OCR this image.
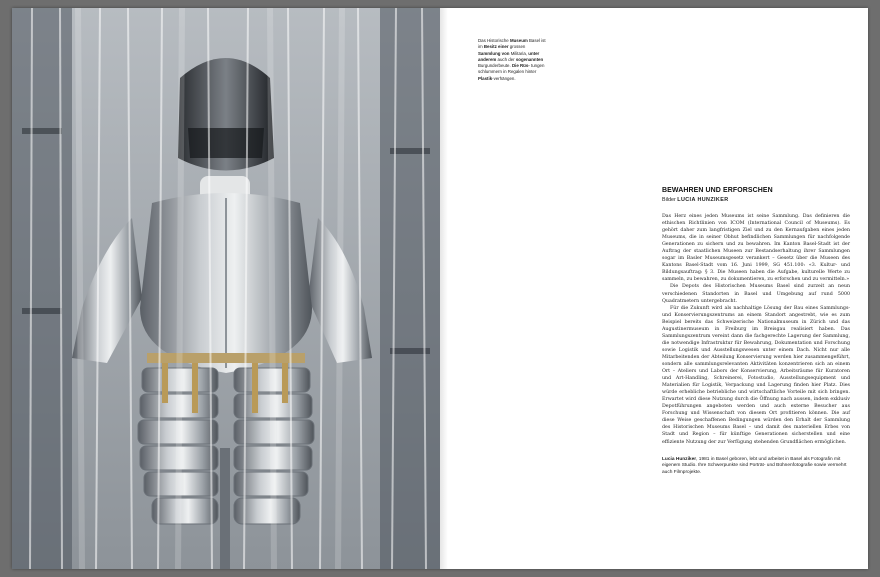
Das Historische Museum Basel ist im Besitz einer grossen Sammlung von Militaria, unter anderem auch der sogenannten Burgunderbeute. Die Rüs- tungen schlummern in Regalen hinter Plastik-verhängen.
BEWAHREN UND ERFORSCHEN
Bilder LUCIA HUNZIKER

Das Herz eines jeden Museums ist seine Sammlung. Das definieren die ethischen Richtlinien von ICOM (International Council of Museums). Es gehört daher zum langfristigen Ziel und zu den Kernaufgaben eines jeden Museums, die in seiner Obhut befindlichen Sammlungen für nachfolgende Generationen zu sichern und zu bewahren. Im Kanton Basel-Stadt ist der Auftrag der staatlichen Museen zur Bestandserhaltung ihrer Sammlungen sogar im Basler Museumsgesetz verankert – Gesetz über die Museen des Kantons Basel-Stadt vom 16. Juni 1999, SG 451.100: «3. Kultur- und Bildungsauftrag: § 3. Die Museen haben die Aufgabe, kulturelle Werte zu sammeln, zu bewahren, zu dokumentieren, zu erforschen und zu vermitteln.»

Die Depots des Historischen Museums Basel sind zurzeit an neun verschiedenen Standorten in Basel und Umgebung auf rund 5000 Quadratmetern untergebracht.

Für die Zukunft wird als nachhaltige Lösung der Bau eines Sammlungs- und Konservierungszentrums an einem Standort angestrebt, wie es zum Beispiel bereits das Schweizerische Nationalmuseum in Zürich und das Augustinermuseum in Freiburg im Breisgau realisiert haben. Das Sammlungszentrum vereint dann die fachgerechte Lagerung der Sammlung, die notwendige Infrastruktur für Bewahrung, Dokumentation und Forschung sowie Logistik und Ausstellungswesen unter einem Dach. Nicht nur alle Mitarbeitenden der Abteilung Konservierung werden hier zusammengeführt, sondern alle sammlungsrelevanten Aktivitäten konzentrieren sich an einem Ort – Ateliers und Labors der Konservierung, Arbeitsräume für Kuratoren und Art-Handling, Schreinerei, Fotostudio, Ausstellungsequipment und Materialien für Logistik, Verpackung und Lagerung finden hier Platz. Dies würde erhebliche betriebliche und wirtschaftliche Vorteile mit sich bringen. Erwartet wird diese Nutzung durch die Öffnung nach aussen, indem exklusiv Depotführungen angeboten werden und auch externe Besucher aus Forschung und Wissenschaft von diesem Ort profitieren können. Die auf diese Weise geschaffenen Bedingungen würden den Erhalt der Sammlung des Historischen Museums Basel – und damit des materiellen Erbes von Stadt und Region – für künftige Generationen sicherstellen und eine effiziente Nutzung der zur Verfügung stehenden Grundflächen ermöglichen.

Lucia Hunziker, 1981 in Basel geboren, lebt und arbeitet in Basel als Fotografin mit eigenem Studio. Ihre Schwerpunkte sind Porträt- und Bühnenfotografie sowie vermehrt auch Filmprojekte.
